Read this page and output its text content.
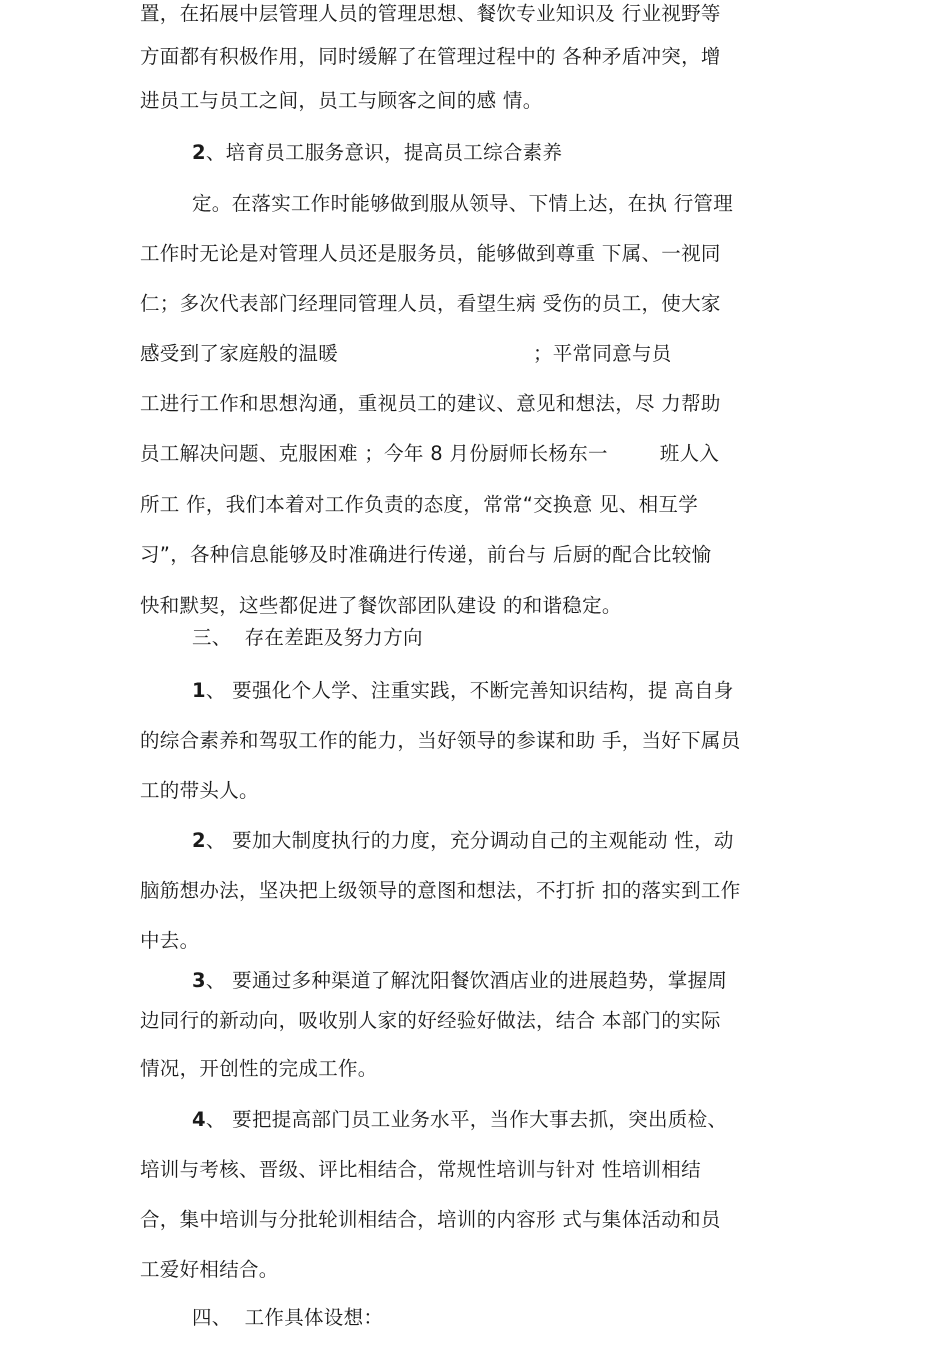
置，在拓展中层管理人员的管理思想、餐饮专业知识及 行业视野等
方面都有积极作用，同时缓解了在管理过程中的 各种矛盾冲突，增
进员工与员工之间，员工与顾客之间的感 情。
2、培育员工服务意识，提高员工综合素养
定。在落实工作时能够做到服从领导、下情上达，在执 行管理
工作时无论是对管理人员还是服务员，能够做到尊重 下属、一视同
仁；多次代表部门经理同管理人员，看望生病 受伤的员工，使大家
感受到了家庭般的温暖                              ；平常同意与员
工进行工作和思想沟通，重视员工的建议、意见和想法，尽 力帮助
员工解决问题、克服困难 ；今年 8 月份厨师长杨东一        班人入
所工 作，我们本着对工作负责的态度，常常“交换意 见、相互学
习”，各种信息能够及时准确进行传递，前台与 后厨的配合比较愉
快和默契，这些都促进了餐饮部团队建设 的和谐稳定。
三、  存在差距及努力方向
1、 要强化个人学、注重实践，不断完善知识结构，提 高自身
的综合素养和驾驭工作的能力，当好领导的参谋和助 手，当好下属员
工的带头人。
2、 要加大制度执行的力度，充分调动自己的主观能动 性，动
脑筋想办法，坚决把上级领导的意图和想法，不打折 扣的落实到工作
中去。
3、 要通过多种渠道了解沈阳餐饮酒店业的进展趋势，掌握周
边同行的新动向，吸收别人家的好经验好做法，结合 本部门的实际
情况，开创性的完成工作。
4、 要把提高部门员工业务水平，当作大事去抓，突出质检、
培训与考核、晋级、评比相结合，常规性培训与针对 性培训相结
合，集中培训与分批轮训相结合，培训的内容形 式与集体活动和员
工爱好相结合。
四、  工作具体设想：
